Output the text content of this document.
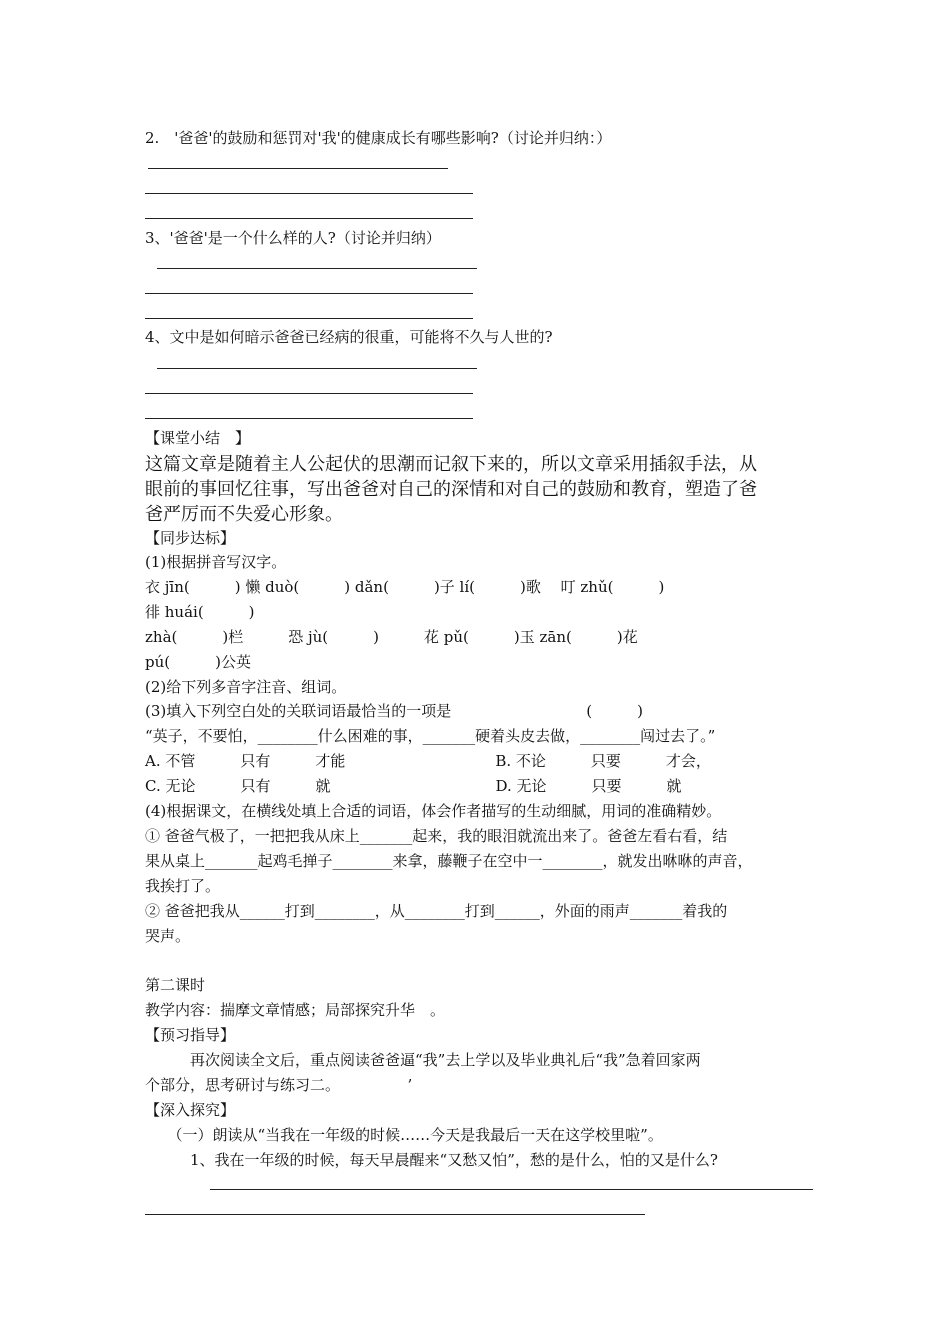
2.　'爸爸'的鼓励和惩罚对'我'的健康成长有哪些影响?（讨论并归纳：）
3、'爸爸'是一个什么样的人?（讨论并归纳）
4、文中是如何暗示爸爸已经病的很重，可能将不久与人世的?
【课堂小结　】
这篇文章是随着主人公起伏的思潮而记叙下来的，所以文章采用插叙手法，从
眼前的事回忆往事，写出爸爸对自己的深情和对自己的鼓励和教育，塑造了爸
爸严厉而不失爱心形象。
【同步达标】
(1)根据拼音写汉字。
衣 jīn(　　　) 懒 duò(　　　) dǎn(　　　)子 lí(　　　)歌　 叮 zhǔ(　　　)
徘 huái(　　　)
zhà(　　　)栏　　　恐 jù(　　　)　　　花 pǔ(　　　)玉 zān(　　　)花
pú(　　　)公英
(2)给下列多音字注音、组词。
(3)填入下列空白处的关联词语最恰当的一项是　　　　　　　　　(　　　)
“英子，不要怕，________什么困难的事，_______硬着头皮去做，________闯过去了。”
A. 不管　　　只有　　　才能　　　　　　　　　　B. 不论　　　只要　　　才会，
C. 无论　　　只有　　　就　　　　　　　　　　　D. 无论　　　只要　　　就
(4)根据课文，在横线处填上合适的词语，体会作者描写的生动细腻，用词的准确精妙。
① 爸爸气极了，一把把我从床上_______起来，我的眼泪就流出来了。爸爸左看右看，结
果从桌上_______起鸡毛掸子________来拿，藤鞭子在空中一________，就发出咻咻的声音，
我挨打了。
② 爸爸把我从______打到________，从________打到______，外面的雨声_______着我的
哭声。
第二课时
教学内容：揣摩文章情感；局部探究升华　。
【预习指导】
　　　再次阅读全文后，重点阅读爸爸逼“我”去上学以及毕业典礼后“我”急着回家两
个部分，思考研讨与练习二。　　　　　’
【深入探究】
　　（一）朗读从“当我在一年级的时候……今天是我最后一天在这学校里啦”。
　　　1、我在一年级的时候，每天早晨醒来“又愁又怕”，愁的是什么，怕的又是什么?
